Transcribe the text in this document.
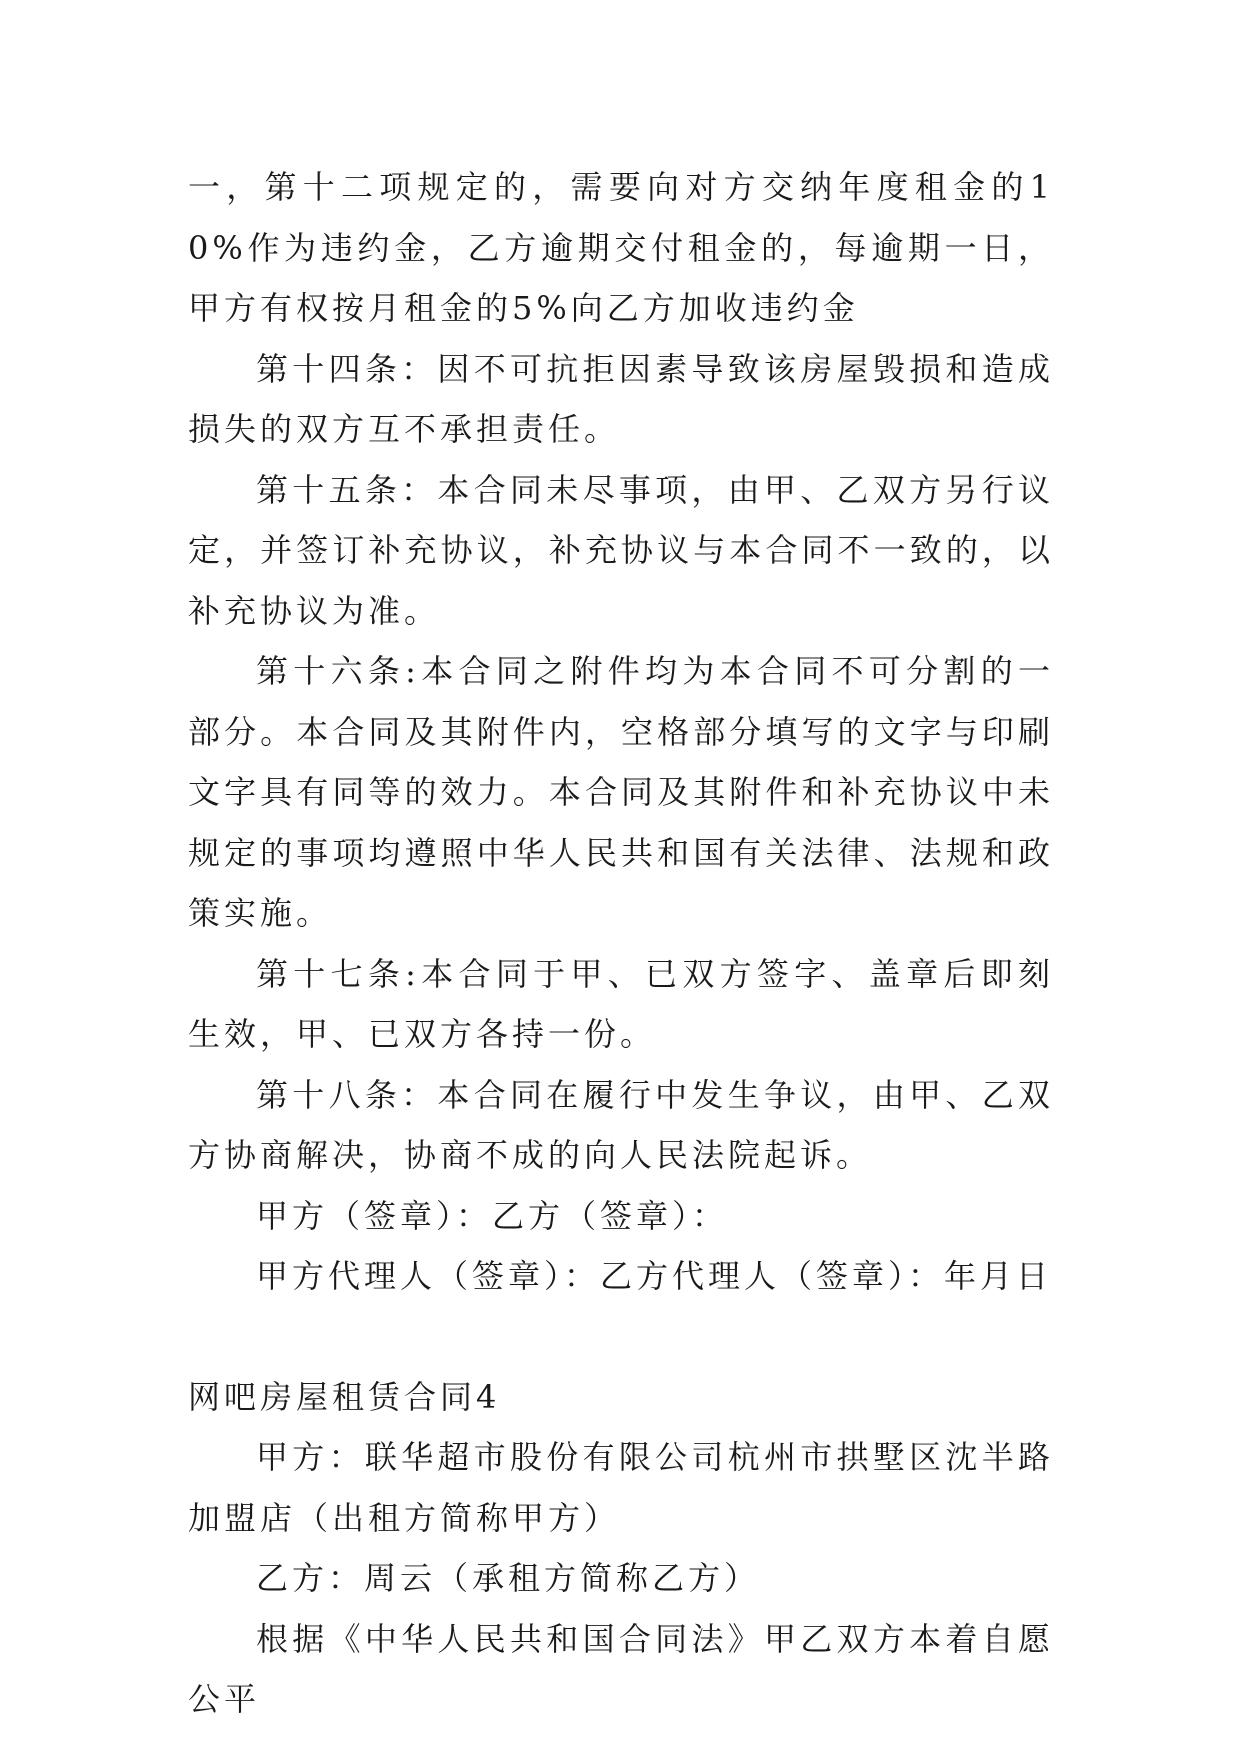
一，第十二项规定的，需要向对方交纳年度租金的10%作为违约金，乙方逾期交付租金的，每逾期一日，甲方有权按月租金的5%向乙方加收违约金

第十四条：因不可抗拒因素导致该房屋毁损和造成损失的双方互不承担责任。

第十五条：本合同未尽事项，由甲、乙双方另行议定，并签订补充协议，补充协议与本合同不一致的，以补充协议为准。

第十六条:本合同之附件均为本合同不可分割的一部分。本合同及其附件内，空格部分填写的文字与印刷文字具有同等的效力。本合同及其附件和补充协议中未规定的事项均遵照中华人民共和国有关法律、法规和政策实施。

第十七条:本合同于甲、已双方签字、盖章后即刻生效，甲、已双方各持一份。

第十八条：本合同在履行中发生争议，由甲、乙双方协商解决，协商不成的向人民法院起诉。

甲方（签章）：乙方（签章）：

甲方代理人（签章）：乙方代理人（签章）：年月日

网吧房屋租赁合同4

甲方：联华超市股份有限公司杭州市拱墅区沈半路加盟店（出租方简称甲方）

乙方：周云（承租方简称乙方）

根据《中华人民共和国合同法》甲乙双方本着自愿公平
